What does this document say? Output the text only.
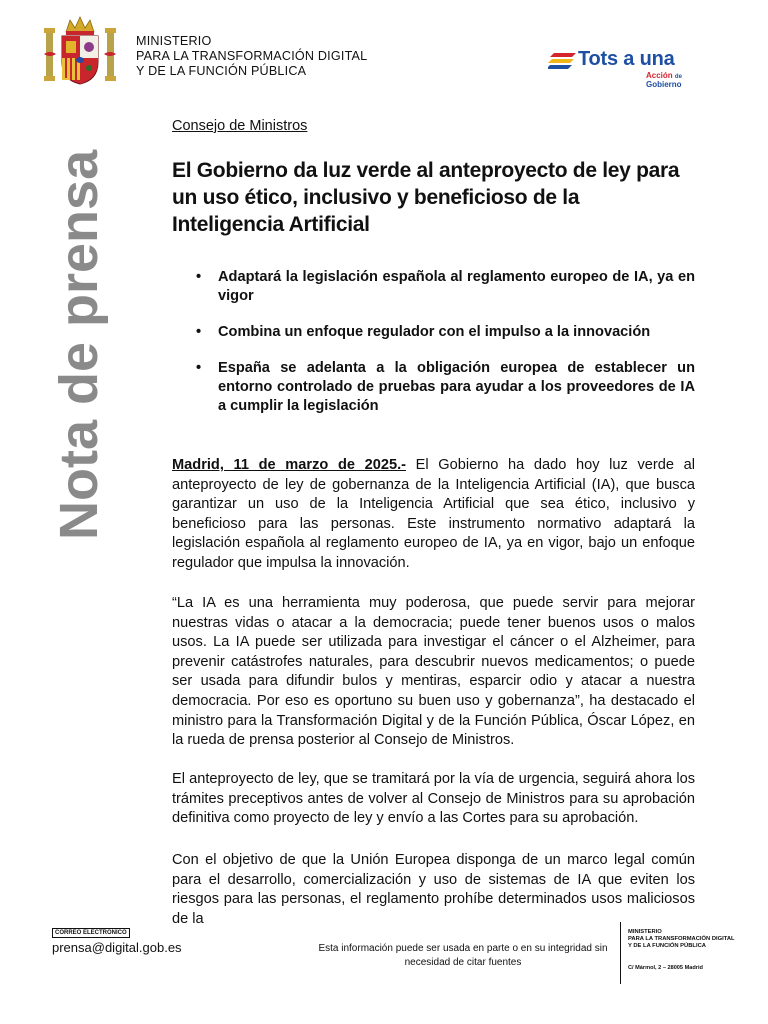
MINISTERIO
PARA LA TRANSFORMACIÓN DIGITAL
Y DE LA FUNCIÓN PÚBLICA
Tots a una
Acción de
Gobierno
Nota de prensa
Consejo de Ministros
El Gobierno da luz verde al anteproyecto de ley para un uso ético, inclusivo y beneficioso de la Inteligencia Artificial
• Adaptará la legislación española al reglamento europeo de IA, ya en vigor
• Combina un enfoque regulador con el impulso a la innovación
• España se adelanta a la obligación europea de establecer un entorno controlado de pruebas para ayudar a los proveedores de IA a cumplir la legislación

Madrid, 11 de marzo de 2025.- El Gobierno ha dado hoy luz verde al anteproyecto de ley de gobernanza de la Inteligencia Artificial (IA), que busca garantizar un uso de la Inteligencia Artificial que sea ético, inclusivo y beneficioso para las personas. Este instrumento normativo adaptará la legislación española al reglamento europeo de IA, ya en vigor, bajo un enfoque regulador que impulsa la innovación.

“La IA es una herramienta muy poderosa, que puede servir para mejorar nuestras vidas o atacar a la democracia; puede tener buenos usos o malos usos. La IA puede ser utilizada para investigar el cáncer o el Alzheimer, para prevenir catástrofes naturales, para descubrir nuevos medicamentos; o puede ser usada para difundir bulos y mentiras, esparcir odio y atacar a nuestra democracia. Por eso es oportuno su buen uso y gobernanza”, ha destacado el ministro para la Transformación Digital y de la Función Pública, Óscar López, en la rueda de prensa posterior al Consejo de Ministros.

El anteproyecto de ley, que se tramitará por la vía de urgencia, seguirá ahora los trámites preceptivos antes de volver al Consejo de Ministros para su aprobación definitiva como proyecto de ley y envío a las Cortes para su aprobación.

Con el objetivo de que la Unión Europea disponga de un marco legal común para el desarrollo, comercialización y uso de sistemas de IA que eviten los riesgos para las personas, el reglamento prohíbe determinados usos maliciosos de la

CORREO ELECTRÓNICO
prensa@digital.gob.es	Esta información puede ser usada en parte o en su integridad sin necesidad de citar fuentes
MINISTERIO
PARA LA TRANSFORMACIÓN DIGITAL
Y DE LA FUNCIÓN PÚBLICA
C/ Mármol, 2 – 28005 Madrid
